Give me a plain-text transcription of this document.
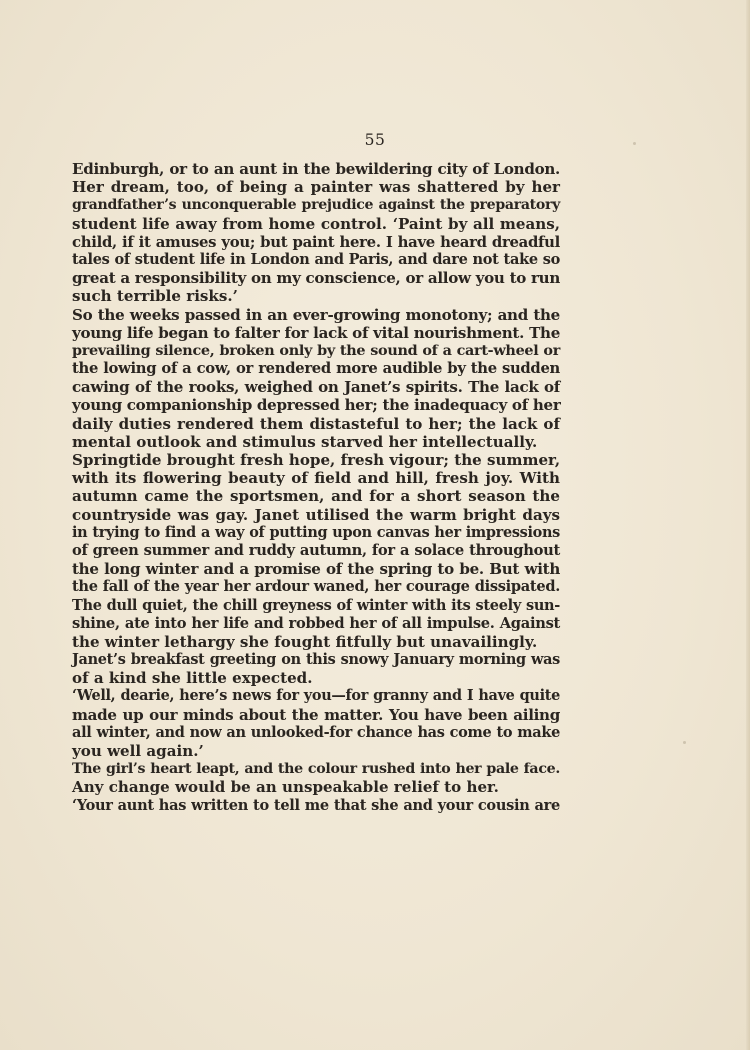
55
Edinburgh, or to an aunt in the bewildering city of London.
Her dream, too, of being a painter was shattered by her
grandfather’s unconquerable prejudice against the preparatory
student life away from home control. ‘Paint by all means,
child, if it amuses you; but paint here. I have heard dreadful
tales of student life in London and Paris, and dare not take so
great a responsibility on my conscience, or allow you to run
such terrible risks.’
So the weeks passed in an ever-growing monotony; and the
young life began to falter for lack of vital nourishment. The
prevailing silence, broken only by the sound of a cart-wheel or
the lowing of a cow, or rendered more audible by the sudden
cawing of the rooks, weighed on Janet’s spirits. The lack of
young companionship depressed her; the inadequacy of her
daily duties rendered them distasteful to her; the lack of
mental outlook and stimulus starved her intellectually.
Springtide brought fresh hope, fresh vigour; the summer,
with its flowering beauty of field and hill, fresh joy. With
autumn came the sportsmen, and for a short season the
countryside was gay. Janet utilised the warm bright days
in trying to find a way of putting upon canvas her impressions
of green summer and ruddy autumn, for a solace throughout
the long winter and a promise of the spring to be. But with
the fall of the year her ardour waned, her courage dissipated.
The dull quiet, the chill greyness of winter with its steely sun-
shine, ate into her life and robbed her of all impulse. Against
the winter lethargy she fought fitfully but unavailingly.
Janet’s breakfast greeting on this snowy January morning was
of a kind she little expected.
‘Well, dearie, here’s news for you—for granny and I have quite
made up our minds about the matter. You have been ailing
all winter, and now an unlooked-for chance has come to make
you well again.’
The girl’s heart leapt, and the colour rushed into her pale face.
Any change would be an unspeakable relief to her.
‘Your aunt has written to tell me that she and your cousin are
